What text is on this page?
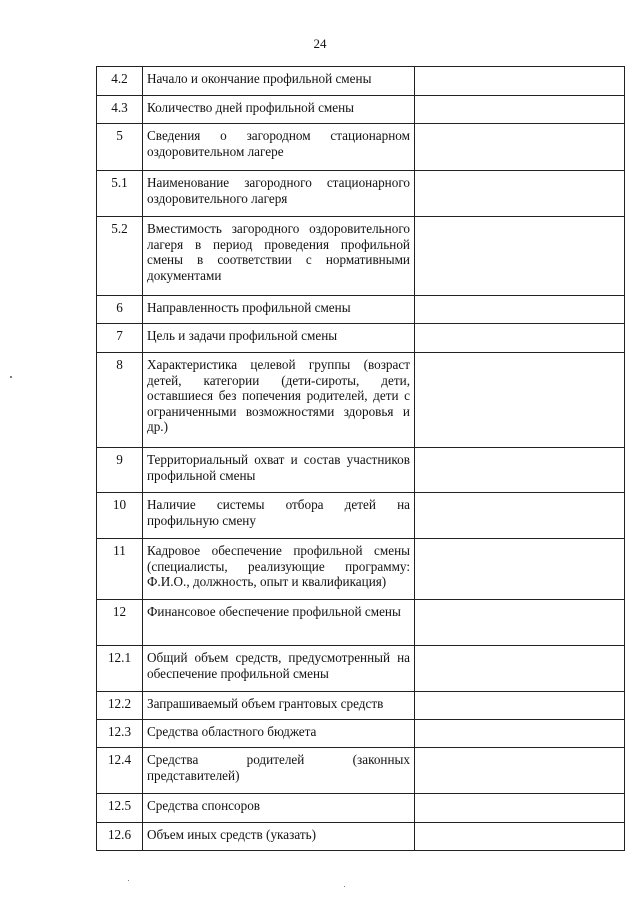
24
4.2	Начало и окончание профильной смены	
4.3	Количество дней профильной смены	
5	Сведения о загородном стационарном оздоровительном лагере	
5.1	Наименование загородного стационарного оздоровительного лагеря	
5.2	Вместимость загородного оздоровительного лагеря в период проведения профильной смены в соответствии с нормативными документами	
6	Направленность профильной смены	
7	Цель и задачи профильной смены	
8	Характеристика целевой группы (возраст детей, категории (дети-сироты, дети, оставшиеся без попечения родителей, дети с ограниченными возможностями здоровья и др.)	
9	Территориальный охват и состав участников профильной смены	
10	Наличие системы отбора детей на профильную смену	
11	Кадровое обеспечение профильной смены (специалисты, реализующие программу: Ф.И.О., должность, опыт и квалификация)	
12	Финансовое обеспечение профильной смены	
12.1	Общий объем средств, предусмотренный на обеспечение профильной смены	
12.2	Запрашиваемый объем грантовых средств	
12.3	Средства областного бюджета	
12.4	Средства родителей (законных представителей)	
12.5	Средства спонсоров	
12.6	Объем иных средств (указать)	
